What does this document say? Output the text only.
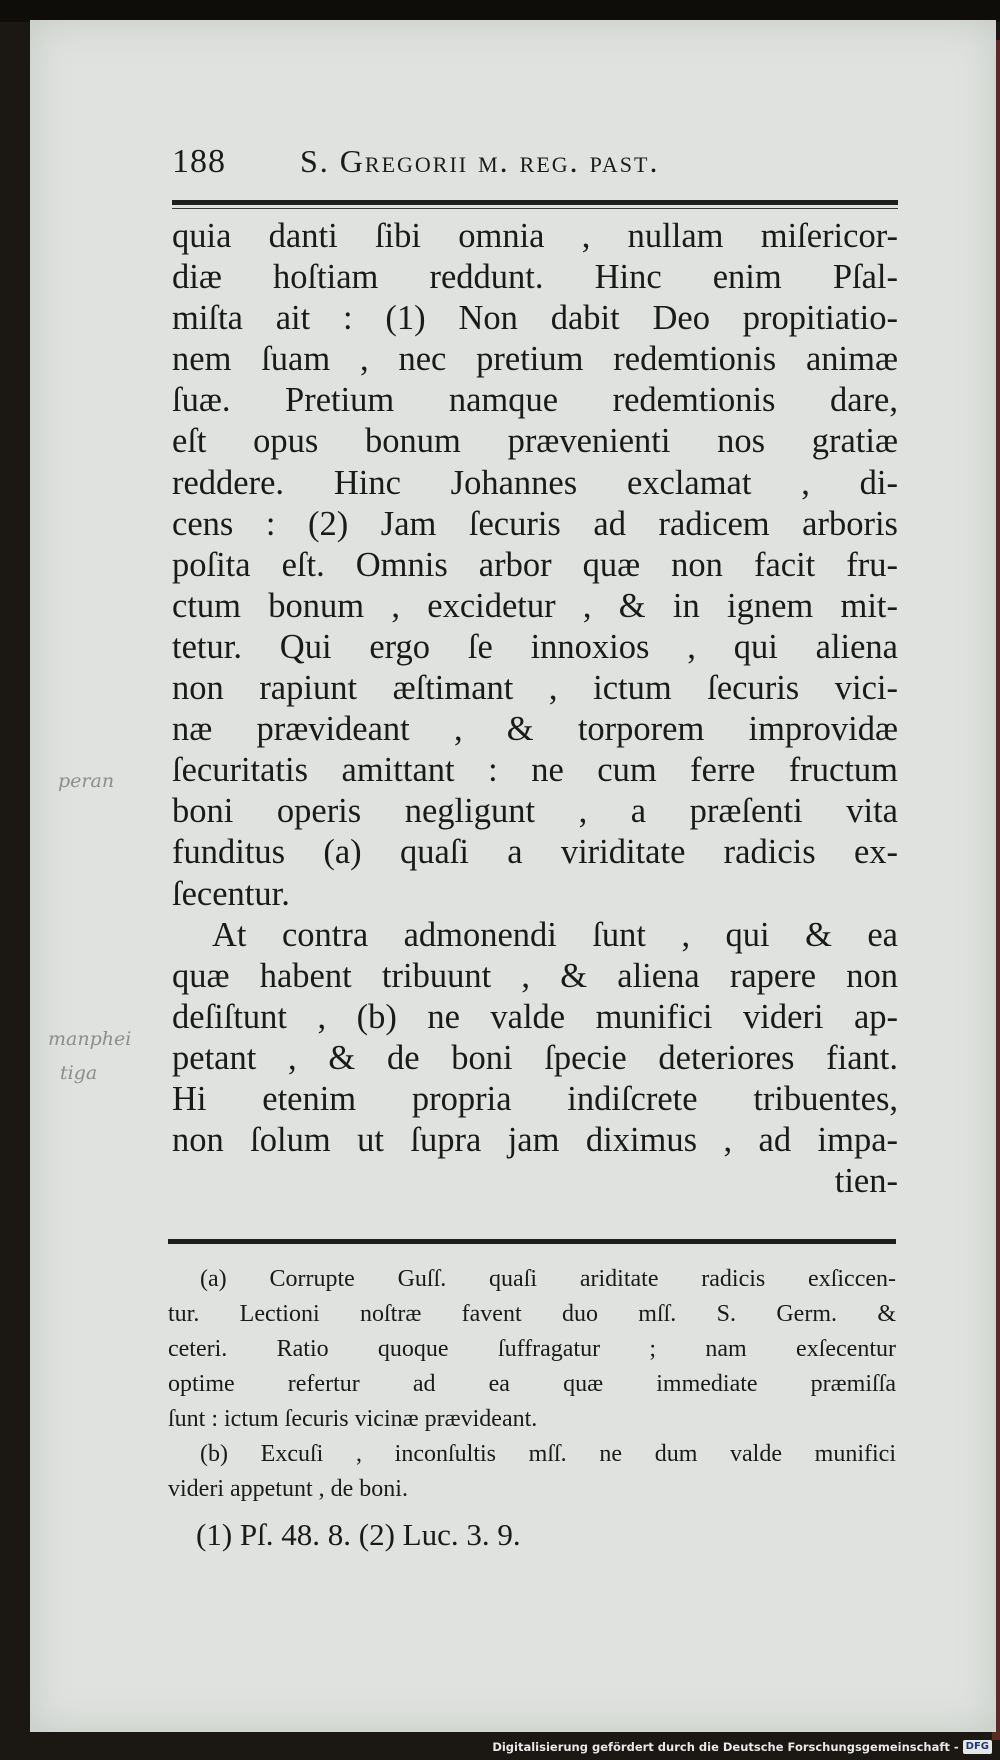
188 S. Gregorii m. reg. past.
quia danti ſibi omnia , nullam miſericor-
diæ hoſtiam reddunt. Hinc enim Pſal-
miſta ait : (1) Non dabit Deo propitiatio-
nem ſuam , nec pretium redemtionis animæ
ſuæ. Pretium namque redemtionis dare,
eſt opus bonum prævenienti nos gratiæ
reddere. Hinc Johannes exclamat , di-
cens : (2) Jam ſecuris ad radicem arboris
poſita eſt. Omnis arbor quæ non facit fru-
ctum bonum , excidetur , & in ignem mit-
tetur. Qui ergo ſe innoxios , qui aliena
non rapiunt æſtimant , ictum ſecuris vici-
næ prævideant , & torporem improvidæ
ſecuritatis amittant : ne cum ferre fructum
boni operis negligunt , a præſenti vita
funditus (a) quaſi a viriditate radicis ex-
ſecentur.
At contra admonendi ſunt , qui & ea
quæ habent tribuunt , & aliena rapere non
deſiſtunt , (b) ne valde munifici videri ap-
petant , & de boni ſpecie deteriores fiant.
Hi etenim propria indiſcrete tribuentes,
non ſolum ut ſupra jam diximus , ad impa-
tien-
peran
manphei
tiga
(a) Corrupte Guſſ. quaſi ariditate radicis exſiccen-
tur. Lectioni noſtræ favent duo mſſ. S. Germ. &
ceteri. Ratio quoque ſuffragatur ; nam exſecentur
optime refertur ad ea quæ immediate præmiſſa
ſunt : ictum ſecuris vicinæ prævideant.
(b) Excuſi , inconſultis mſſ. ne dum valde munifici
videri appetunt , de boni.
(1) Pſ. 48. 8. (2) Luc. 3. 9.
Digitalisierung gefördert durch die Deutsche Forschungsgemeinschaft - DFG
